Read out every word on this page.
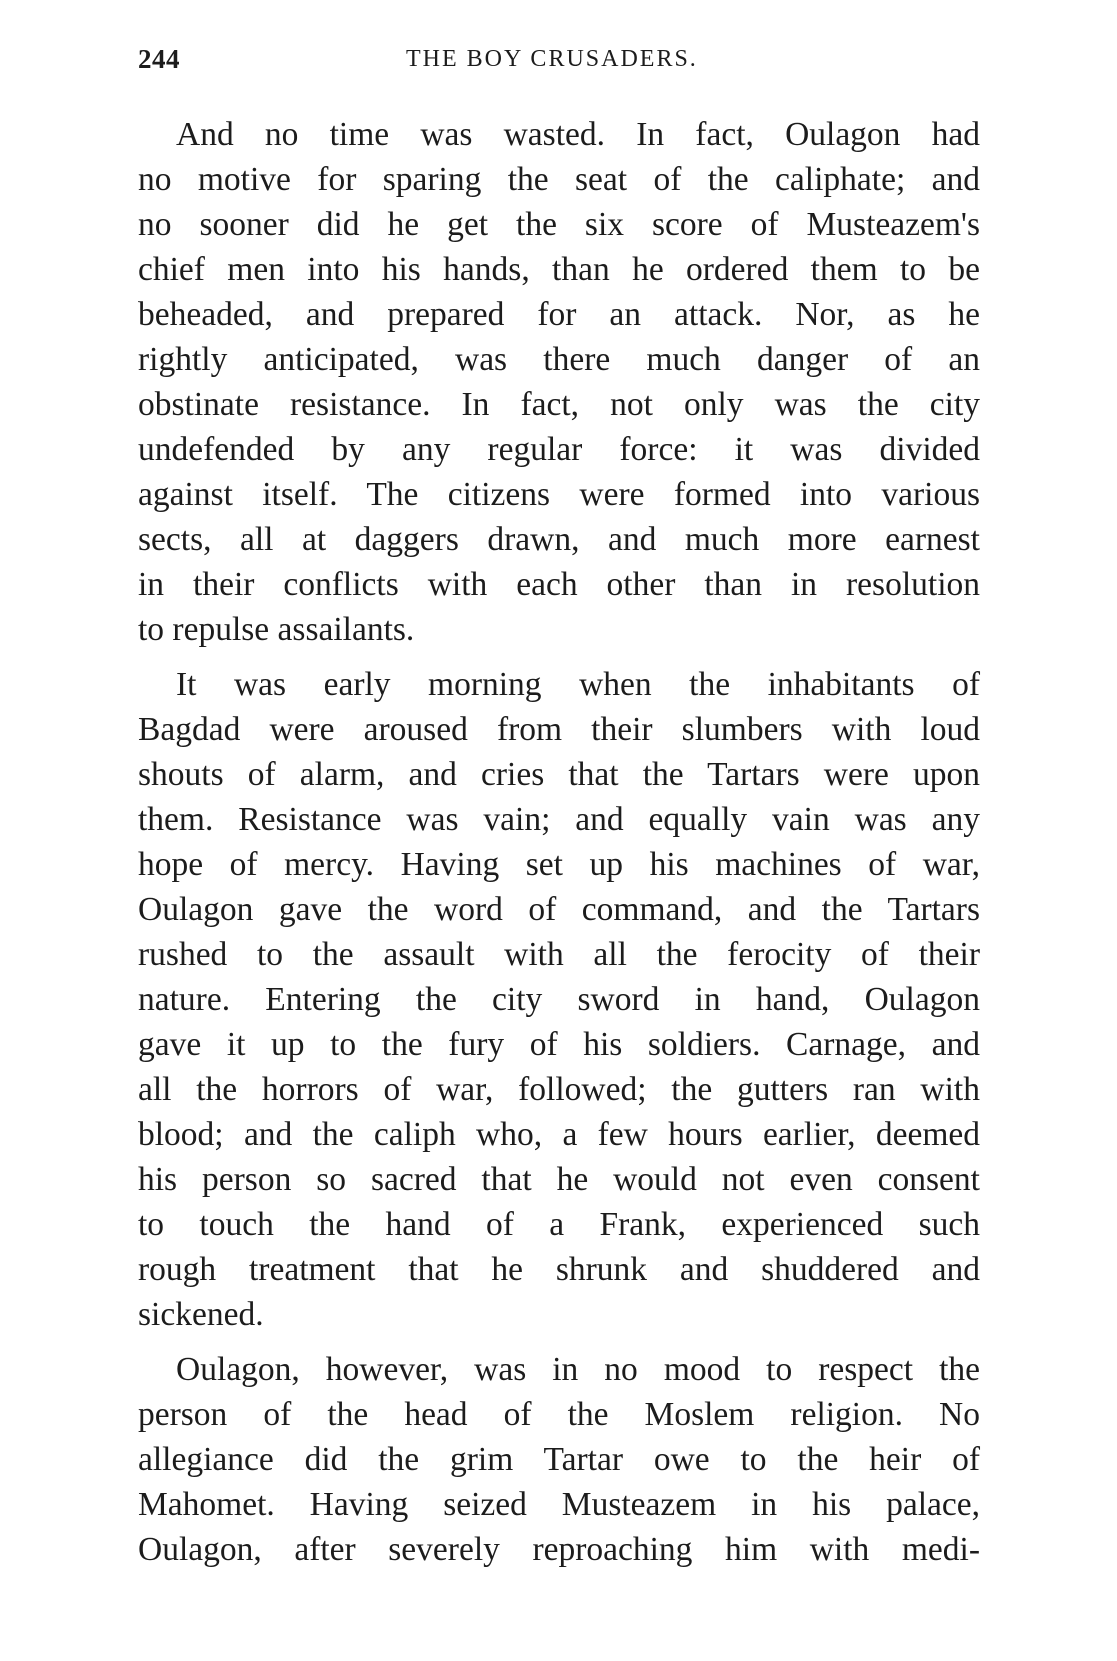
244	THE BOY CRUSADERS.

And no time was wasted. In fact, Oulagon had
no motive for sparing the seat of the caliphate; and
no sooner did he get the six score of Musteazem's
chief men into his hands, than he ordered them to be
beheaded, and prepared for an attack. Nor, as he
rightly anticipated, was there much danger of an
obstinate resistance. In fact, not only was the city
undefended by any regular force: it was divided
against itself. The citizens were formed into various
sects, all at daggers drawn, and much more earnest
in their conflicts with each other than in resolution
to repulse assailants.

It was early morning when the inhabitants of
Bagdad were aroused from their slumbers with loud
shouts of alarm, and cries that the Tartars were upon
them. Resistance was vain; and equally vain was any
hope of mercy. Having set up his machines of war,
Oulagon gave the word of command, and the Tartars
rushed to the assault with all the ferocity of their
nature. Entering the city sword in hand, Oulagon
gave it up to the fury of his soldiers. Carnage, and
all the horrors of war, followed; the gutters ran with
blood; and the caliph who, a few hours earlier, deemed
his person so sacred that he would not even consent
to touch the hand of a Frank, experienced such
rough treatment that he shrunk and shuddered and
sickened.

Oulagon, however, was in no mood to respect the
person of the head of the Moslem religion. No
allegiance did the grim Tartar owe to the heir of
Mahomet. Having seized Musteazem in his palace,
Oulagon, after severely reproaching him with medi-
